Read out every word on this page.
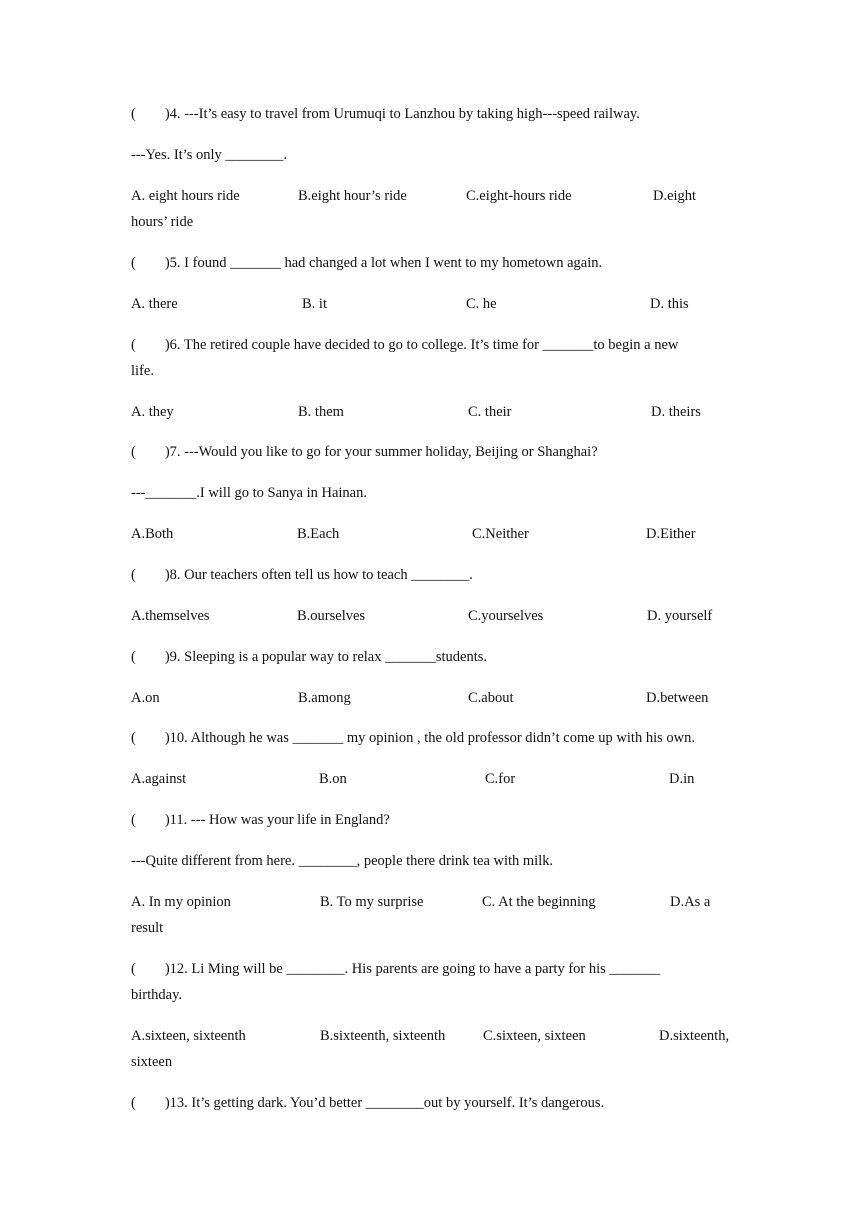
(        )4. ---It’s easy to travel from Urumuqi to Lanzhou by taking high---speed railway.
---Yes. It’s only ________.
A. eight hours ride	B.eight hour’s ride	C.eight-hours ride	D.eight
hours’ ride
(        )5. I found _______ had changed a lot when I went to my hometown again.
A. there	B. it	C. he	D. this
(        )6. The retired couple have decided to go to college. It’s time for _______to begin a new
life.
A. they	B. them	C. their	D. theirs
(        )7. ---Would you like to go for your summer holiday, Beijing or Shanghai?
---_______.I will go to Sanya in Hainan.
A.Both	B.Each	C.Neither	D.Either
(        )8. Our teachers often tell us how to teach ________.
A.themselves	B.ourselves	C.yourselves	D. yourself
(        )9. Sleeping is a popular way to relax _______students.
A.on	B.among	C.about	D.between
(        )10. Although he was _______ my opinion , the old professor didn’t come up with his own.
A.against	B.on	C.for	D.in
(        )11. --- How was your life in England?
---Quite different from here. ________, people there drink tea with milk.
A. In my opinion	B. To my surprise	C. At the beginning	D.As a
result
(        )12. Li Ming will be ________. His parents are going to have a party for his _______
birthday.
A.sixteen, sixteenth	B.sixteenth, sixteenth	C.sixteen, sixteen	D.sixteenth,
sixteen
(        )13. It’s getting dark. You’d better ________out by yourself. It’s dangerous.
